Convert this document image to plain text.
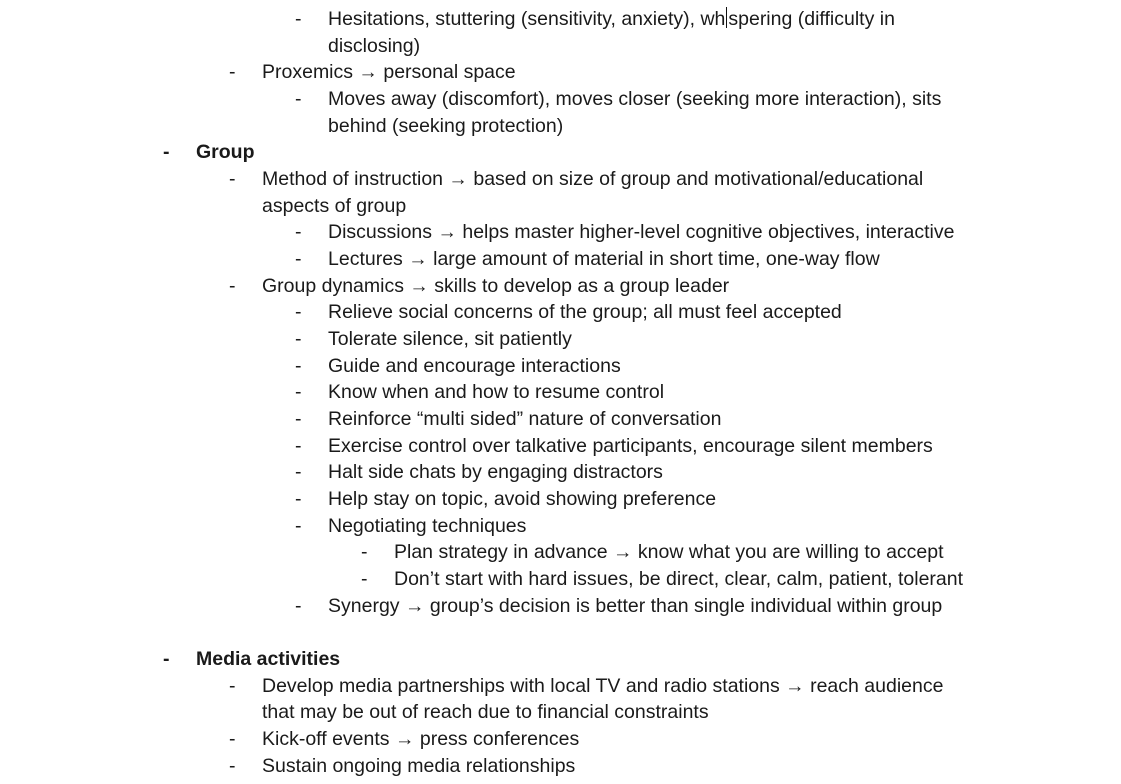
- Hesitations, stuttering (sensitivity, anxiety), wh spering (difficulty in
disclosing)
- Proxemics → personal space
- Moves away (discomfort), moves closer (seeking more interaction), sits
behind (seeking protection)
- Group
- Method of instruction → based on size of group and motivational/educational
aspects of group
- Discussions → helps master higher-level cognitive objectives, interactive
- Lectures → large amount of material in short time, one-way flow
- Group dynamics → skills to develop as a group leader
- Relieve social concerns of the group; all must feel accepted
- Tolerate silence, sit patiently
- Guide and encourage interactions
- Know when and how to resume control
- Reinforce “multi sided” nature of conversation
- Exercise control over talkative participants, encourage silent members
- Halt side chats by engaging distractors
- Help stay on topic, avoid showing preference
- Negotiating techniques
- Plan strategy in advance → know what you are willing to accept
- Don’t start with hard issues, be direct, clear, calm, patient, tolerant
- Synergy → group’s decision is better than single individual within group
- Media activities
- Develop media partnerships with local TV and radio stations → reach audience
that may be out of reach due to financial constraints
- Kick-off events → press conferences
- Sustain ongoing media relationships
